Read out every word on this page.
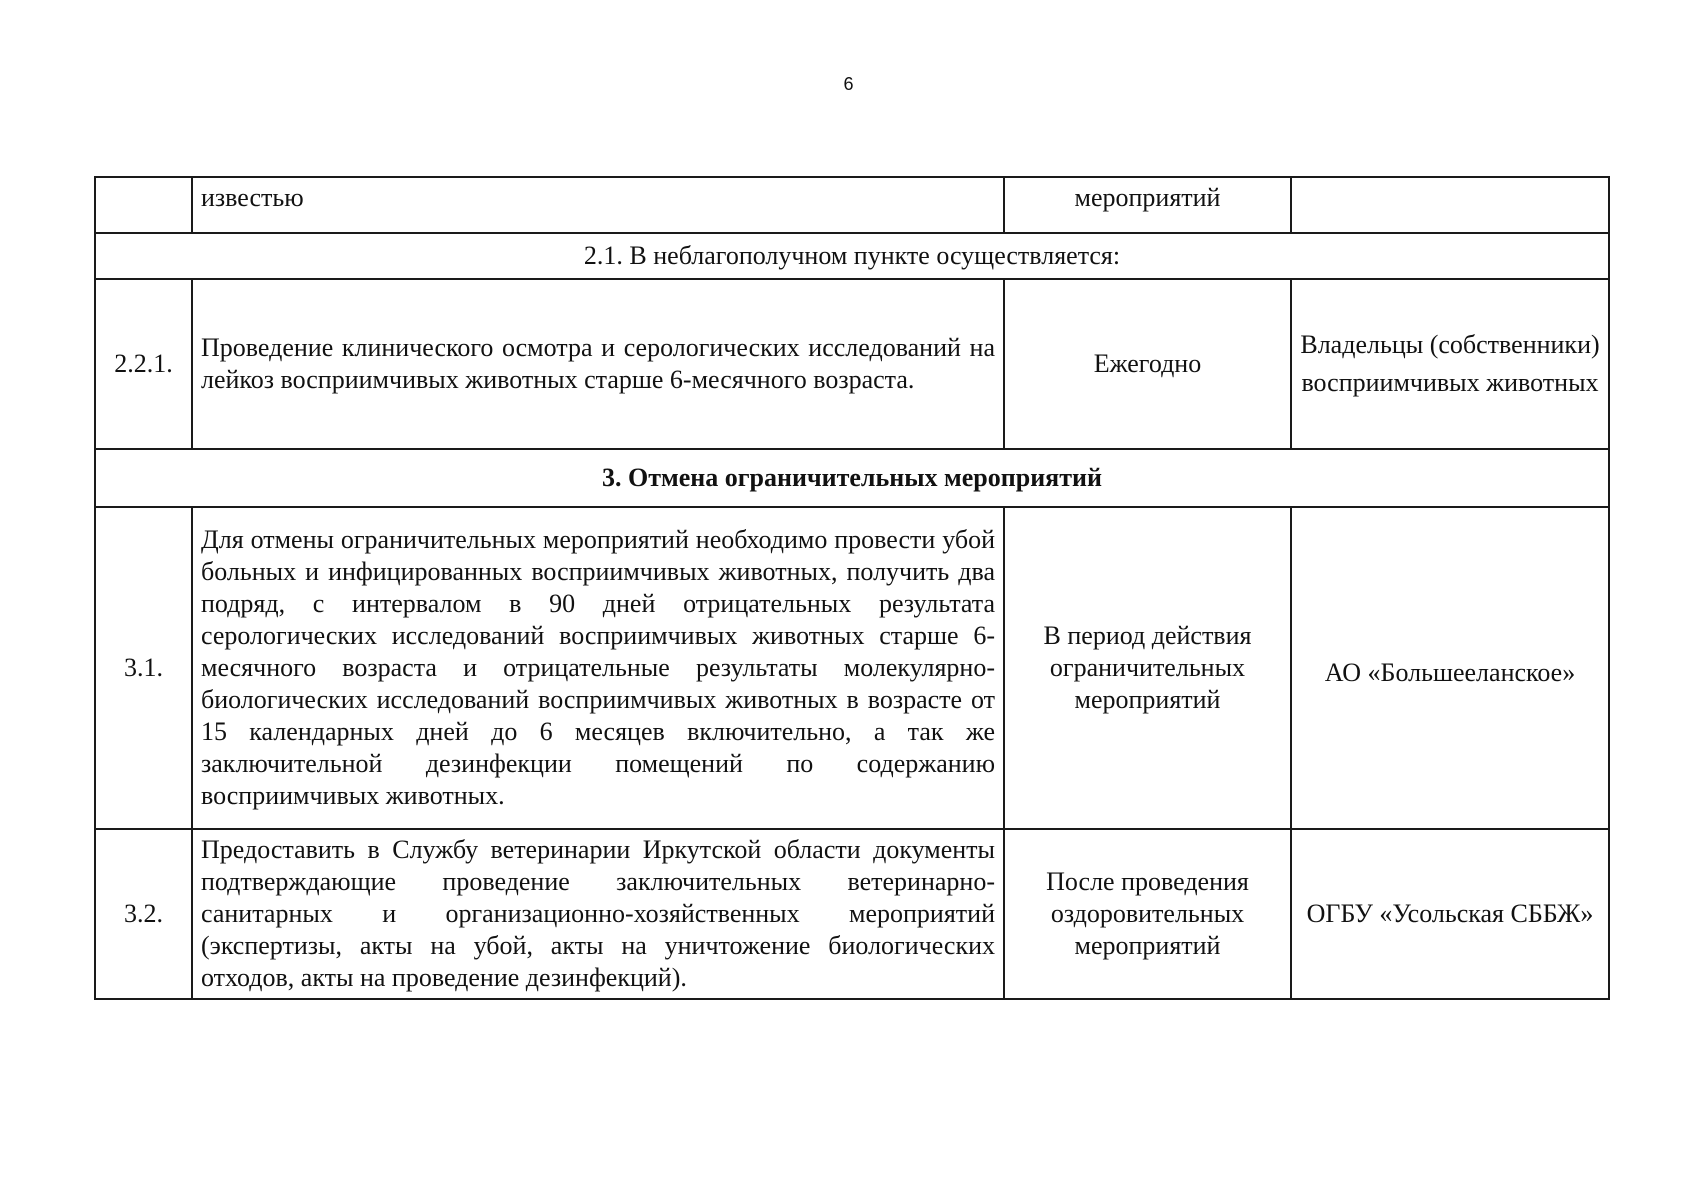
6
	известью	мероприятий	
2.1. В неблагополучном пункте осуществляется:			
2.2.1.	Проведение клинического осмотра и серологических исследований на лейкоз восприимчивых животных старше 6-месячного возраста.	Ежегодно	Владельцы (собственники) восприимчивых животных
3. Отмена ограничительных мероприятий			
3.1.	Для отмены ограничительных мероприятий необходимо провести убой больных и инфицированных восприимчивых животных, получить два подряд, с интервалом в 90 дней отрицательных результата серологических исследований восприимчивых животных старше 6-месячного возраста и отрицательные результаты молекулярно-биологических исследований восприимчивых животных в возрасте от 15 календарных дней до 6 месяцев включительно, а так же заключительной дезинфекции помещений по содержанию восприимчивых животных.	В период действия ограничительных мероприятий	АО «Большееланское»
3.2.	Предоставить в Службу ветеринарии Иркутской области документы подтверждающие проведение заключительных ветеринарно-санитарных и организационно-хозяйственных мероприятий (экспертизы, акты на убой, акты на уничтожение биологических отходов, акты на проведение дезинфекций).	После проведения оздоровительных мероприятий	ОГБУ «Усольская СББЖ»
